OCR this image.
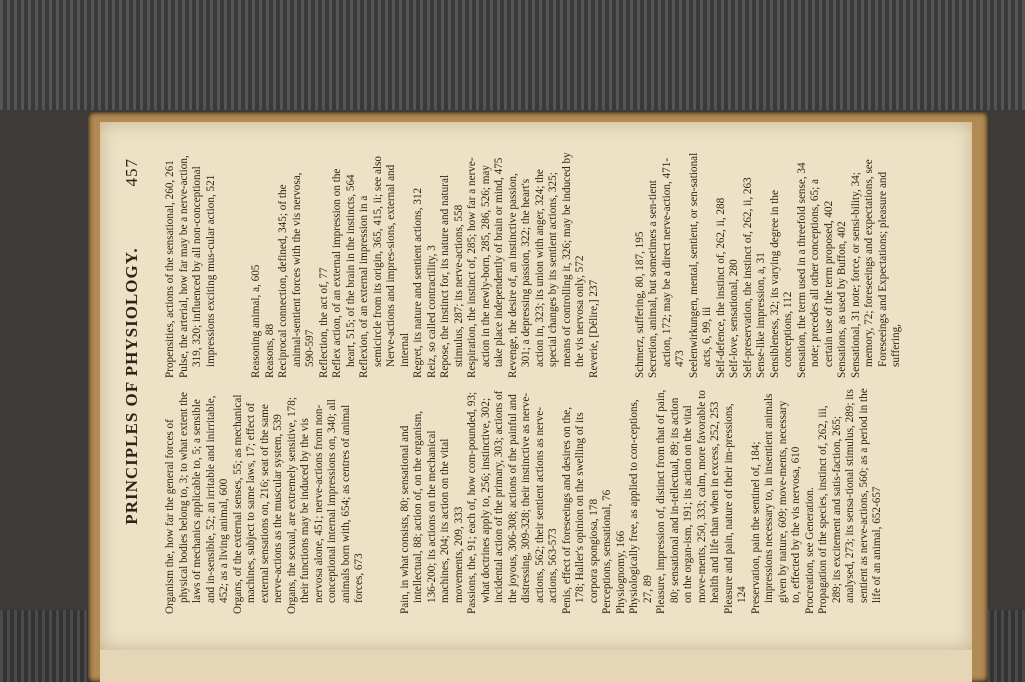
PRINCIPLES OF PHYSIOLOGY.
457

Organism the, how far the general forces of physical bodies belong to, 3; to what extent the laws of mechanics applicable to, 5; a sensible and in-sensible, 52; an irritable and inirritable, 452; as a living animal, 600 Organs, of the external senses, 55; as mechanical machines, subject to same laws, 17; effect of external sensations on, 216; seat of the same nerve-actions as the muscular system, 539 Organs, the sexual, are extremely sensitive, 178; their functions may be induced by the vis nervosa alone, 451; nerve-actions from non-conceptional internal impressions on, 340; all animals born with, 654; as centres of animal forces, 673	Pain, in what consists, 80; sensational and intellectual, 88; action of, on the organism, 136-200; its actions on the mechanical machines, 204; its action on the vital movements, 209, 333 Passions, the, 91; each of, how com-pounded, 93; what doctrines apply to, 256; instinctive, 302; incidental action of the primary, 303; actions of the joyous, 306-308; actions of the painful and distressing, 309-328; their instinctive as nerve-actions, 562; their sentient actions as nerve-actions, 563-573 Penis, effect of foreseeings and desires on the, 178; Haller's opinion on the swelling of its corpora spongiosa, 178 Perceptions, sensational, 76 Physiognomy, 166 Physiologically free, as applied to con-ceptions, 27, 89 Pleasure, impression of, distinct from that of pain, 80; sensational and in-tellectual, 89; its action on the organ-ism, 191; its action on the vital move-ments, 250, 333; calm, more favorable to health and life than when in excess, 252, 253 Pleasure and pain, nature of their im-pressions, 124 Preservation, pain the sentinel of, 184; impressions necessary to, in insentient animals given by nature, 609; move-ments, necessary to, effected by the vis nervosa, 610 Procreation, see Generation. Propagation of the species, instinct of, 262, iii, 289; its excitement and satis-faction, 265; analysed, 273; its sensa-tional stimulus, 289; its sentient as nerve-actions, 560; as a period in the life of an animal, 652-657

Propensities, actions of the sensational, 260, 261 Pulse, the arterial, how far may be a nerve-action, 319, 320; influenced by all non-conceptional impressions exciting mus-cular action, 521	Reasoning animal, a, 605 Reasons, 88 Reciprocal connection, defined, 345; of the animal-sentient forces with the vis nervosa, 590-597 Reflection, the act of, 77 Reflex action, of an external impression on the heart, 515; of the brain in the instincts, 564 Reflexion, of an external impression in a semicircle from its origin, 365, 415, ii; see also Nerve-actions and impres-sions, external and internal Regret, its nature and sentient actions, 312 Reiz, so called contractility, 3 Repose, the instinct for, its nature and natural stimulus, 287; its nerve-actions, 558 Respiration, the instinct of, 285; how far a nerve-action in the newly-born, 285, 286, 526; may take place independently of brain or mind, 475 Revenge, the desire of, an instinctive passion, 301; a depressing passion, 322; the heart's action in, 323; its union with anger, 324; the special changes by its sentient actions, 325; means of controlling it, 326; may be induced by the vis nervosa only, 572 Reverie, [Délire,] 237	Schmerz, suffering, 80, 187, 195 Secretion, animal, but sometimes a sen-tient action, 172; may be a direct nerve-action, 471-473 Seelenwirkungen, mental, sentient, or sen-sational acts, 6, 99, iii Self-defence, the instinct of, 262, ii, 288 Self-love, sensational, 280 Self-preservation, the instinct of, 262, ii, 263 Sense-like impression, a, 31 Sensibleness, 32; its varying degree in the conceptions, 112 Sensation, the term used in a threefold sense, 34 note; precedes all other conceptions, 65; a certain use of the term proposed, 402 Sensations, as used by Buffon, 402 Sensational, 31 note; force, or sensi-bility, 34; memory, 72; foreseeings and expectations, see Foreseeings and Expectations; pleasure and suffering,
